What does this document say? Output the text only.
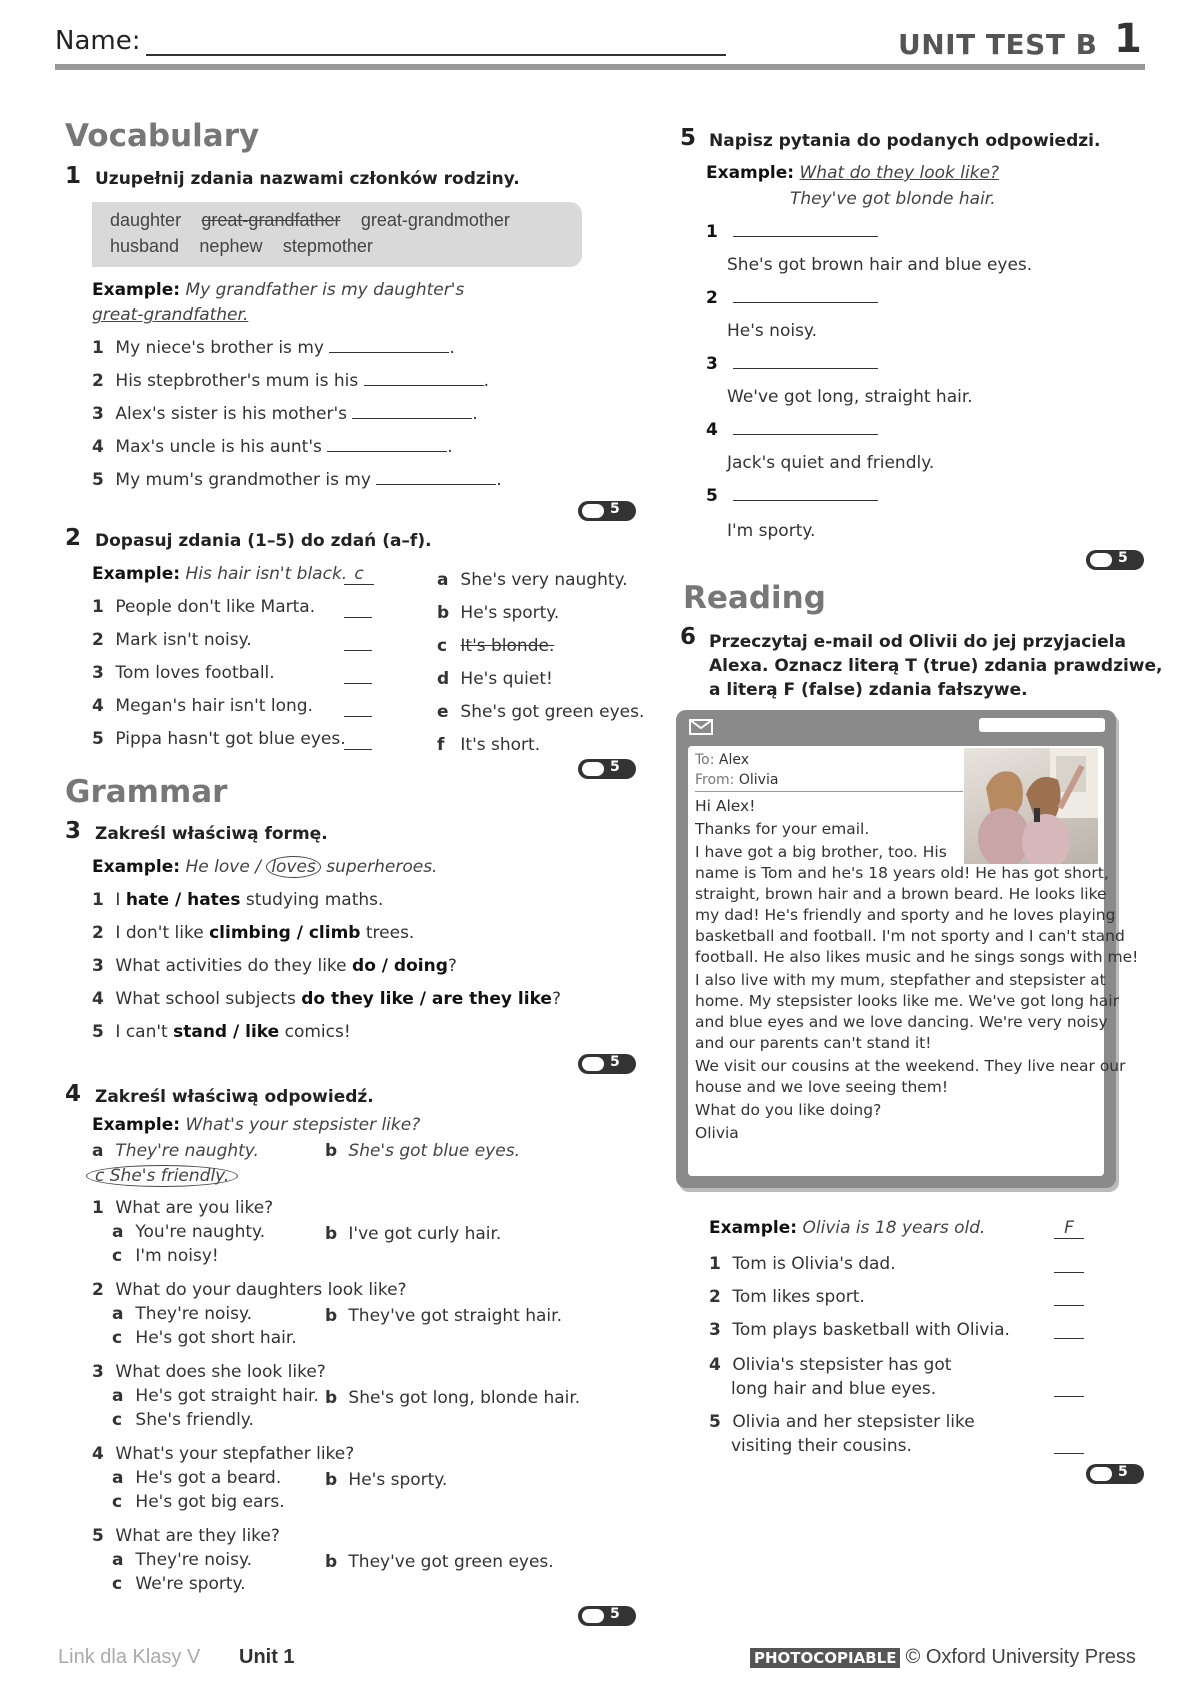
Name:	UNIT TEST B 1
Vocabulary
1 Uzupełnij zdania nazwami członków rodziny.
daughter great-grandfather great-grandmother
husband nephew stepmother
Example: My grandfather is my daughter's
great-grandfather.
1 My niece's brother is my	.
2 His stepbrother's mum is his	.
3 Alex's sister is his mother's	.
4 Max's uncle is his aunt's	.
5 My mum's grandmother is my	.
5
2 Dopasuj zdania (1–5) do zdań (a–f).
Example: His hair isn't black. c
1 People don't like Marta.
2 Mark isn't noisy.
3 Tom loves football.
4 Megan's hair isn't long.
5 Pippa hasn't got blue eyes.
a She's very naughty.
b He's sporty.
c It's blonde.
d He's quiet!
e She's got green eyes.
f It's short.
5
Grammar
3 Zakreśl właściwą formę.
Example: He love / loves superheroes.
1 I hate / hates studying maths.
2 I don't like climbing / climb trees.
3 What activities do they like do / doing?
4 What school subjects do they like / are they like?
5 I can't stand / like comics!
5
4 Zakreśl właściwą odpowiedź.
Example: What's your stepsister like?
a They're naughty.	b She's got blue eyes.
c She's friendly.
1 What are you like?
a You're naughty.
c I'm noisy!
b I've got curly hair.
2 What do your daughters look like?
a They're noisy.
c He's got short hair.
b They've got straight hair.
3 What does she look like?
a He's got straight hair.
c She's friendly.
b She's got long, blonde hair.
4 What's your stepfather like?
a He's got a beard.
c He's got big ears.
b He's sporty.
5 What are they like?
a They're noisy.
c We're sporty.
b They've got green eyes.
5
5 Napisz pytania do podanych odpowiedzi.
Example: What do they look like?
They've got blonde hair.
1
She's got brown hair and blue eyes.
2
He's noisy.
3
We've got long, straight hair.
4
Jack's quiet and friendly.
5
I'm sporty.
5
Reading
6 Przeczytaj e-mail od Olivii do jej przyjaciela
Alexa. Oznacz literą T (true) zdania prawdziwe,
a literą F (false) zdania fałszywe.
To: Alex
From: Olivia
Hi Alex!
Thanks for your email.
I have got a big brother, too. His
name is Tom and he's 18 years old! He has got short,
straight, brown hair and a brown beard. He looks like
my dad! He's friendly and sporty and he loves playing
basketball and football. I'm not sporty and I can't stand
football. He also likes music and he sings songs with me!
I also live with my mum, stepfather and stepsister at
home. My stepsister looks like me. We've got long hair
and blue eyes and we love dancing. We're very noisy
and our parents can't stand it!
We visit our cousins at the weekend. They live near our
house and we love seeing them!
What do you like doing?
Olivia
Example: Olivia is 18 years old.	F
1 Tom is Olivia's dad.
2 Tom likes sport.
3 Tom plays basketball with Olivia.
4 Olivia's stepsister has got
long hair and blue eyes.
5 Olivia and her stepsister like
visiting their cousins.
5
Link dla Klasy V Unit 1	PHOTOCOPIABLE © Oxford University Press
